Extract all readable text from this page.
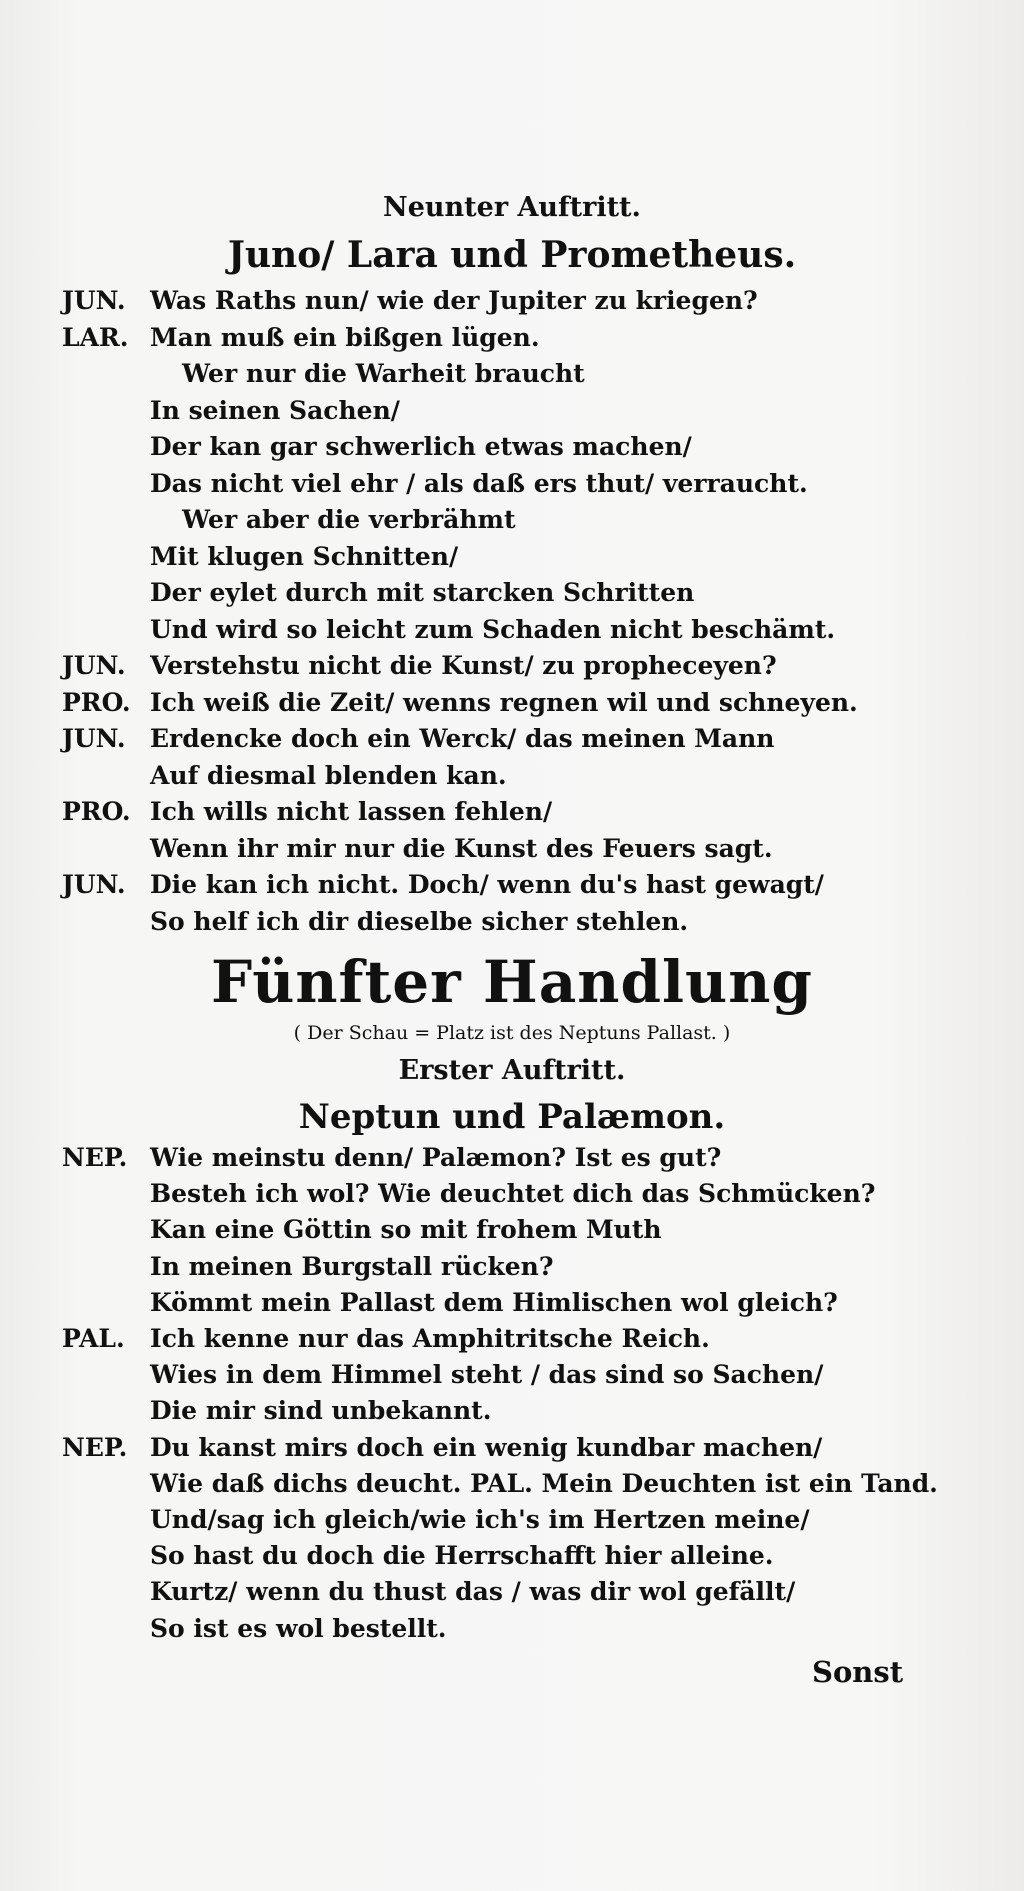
Neunter Auftritt.
Juno/ Lara und Prometheus.
JUN. Was Raths nun/ wie der Jupiter zu kriegen?
LAR. Man muß ein bißgen lügen.
Wer nur die Warheit braucht
In seinen Sachen/
Der kan gar schwerlich etwas machen/
Das nicht viel ehr / als daß ers thut/ verraucht.
Wer aber die verbrähmt
Mit klugen Schnitten/
Der eylet durch mit starcken Schritten
Und wird so leicht zum Schaden nicht beschämt.
JUN. Verstehstu nicht die Kunst/ zu propheceyen?
PRO. Ich weiß die Zeit/ wenns regnen wil und schneyen.
JUN. Erdencke doch ein Werck/ das meinen Mann
Auf diesmal blenden kan.
PRO. Ich wills nicht lassen fehlen/
Wenn ihr mir nur die Kunst des Feuers sagt.
JUN. Die kan ich nicht. Doch/ wenn du's hast gewagt/
So helf ich dir dieselbe sicher stehlen.
Fünfter Handlung
( Der Schau = Platz ist des Neptuns Pallast. )
Erster Auftritt.
Neptun und Palæmon.
NEP. Wie meinstu denn/ Palæmon? Ist es gut?
Besteh ich wol? Wie deuchtet dich das Schmücken?
Kan eine Göttin so mit frohem Muth
In meinen Burgstall rücken?
Kömmt mein Pallast dem Himlischen wol gleich?
PAL. Ich kenne nur das Amphitritsche Reich.
Wies in dem Himmel steht / das sind so Sachen/
Die mir sind unbekannt.
NEP. Du kanst mirs doch ein wenig kundbar machen/
Wie daß dichs deucht. PAL. Mein Deuchten ist ein Tand.
Und/sag ich gleich/wie ich's im Hertzen meine/
So hast du doch die Herrschafft hier alleine.
Kurtz/ wenn du thust das / was dir wol gefällt/
So ist es wol bestellt.
Sonst
